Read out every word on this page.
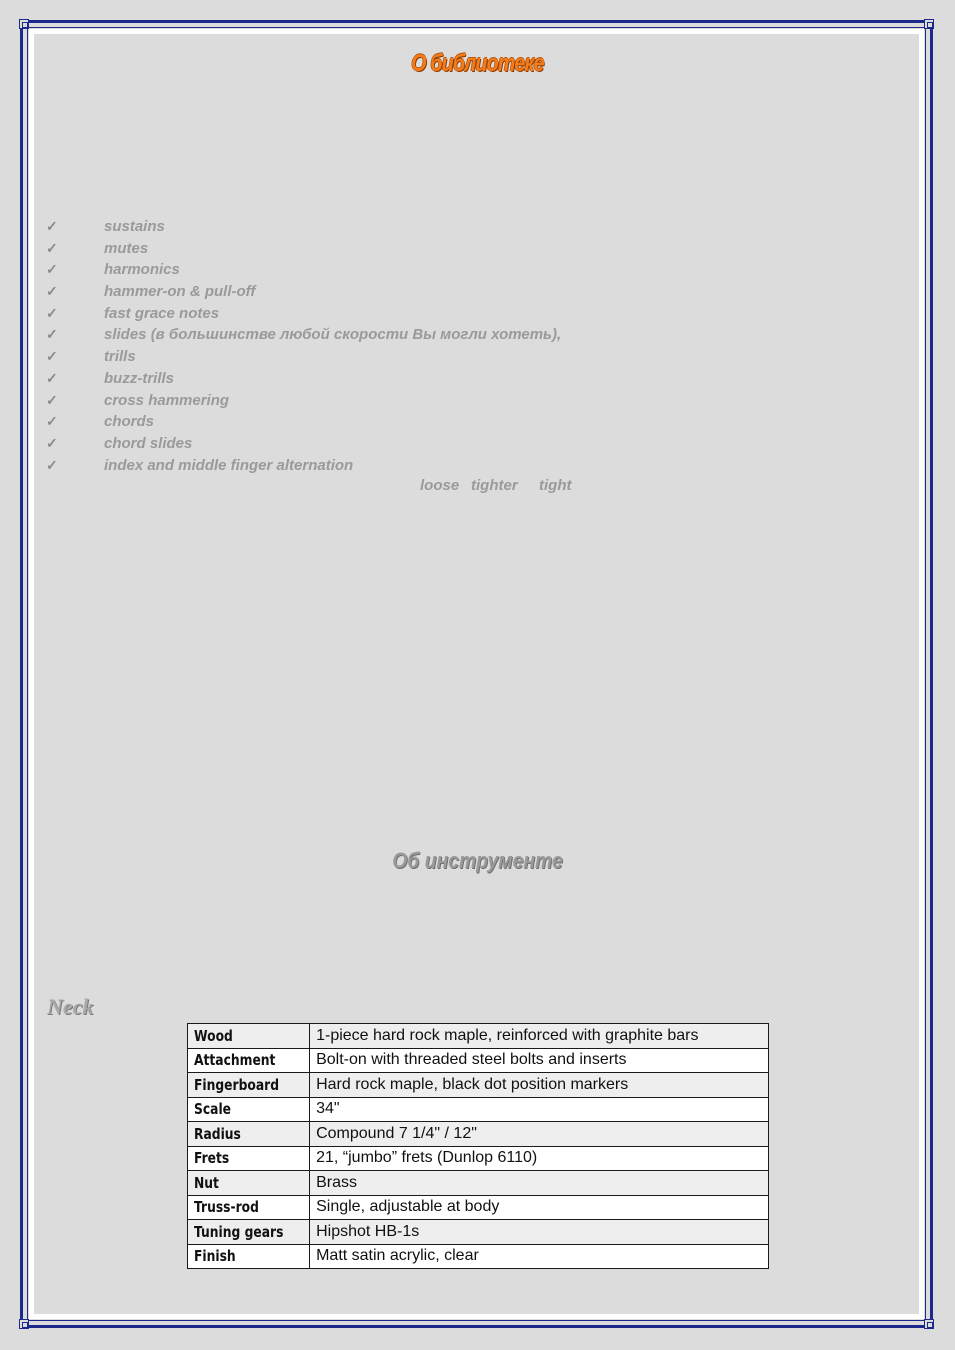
О библиотеке
✓	sustains
✓	mutes
✓	harmonics
✓	hammer-on & pull-off
✓	fast grace notes
✓	slides (в большинстве любой скорости Вы могли хотеть),
✓	trills
✓	buzz-trills
✓	cross hammering
✓	chords
✓	chord slides
✓	index and middle finger alternation
loose tighter tight
Об инструменте
Neck
Wood	1-piece hard rock maple, reinforced with graphite bars
Attachment	Bolt-on with threaded steel bolts and inserts
Fingerboard	Hard rock maple, black dot position markers
Scale	34"
Radius	Compound 7 1/4" / 12"
Frets	21, “jumbo” frets (Dunlop 6110)
Nut	Brass
Truss-rod	Single, adjustable at body
Tuning gears	Hipshot HB-1s
Finish	Matt satin acrylic, clear
